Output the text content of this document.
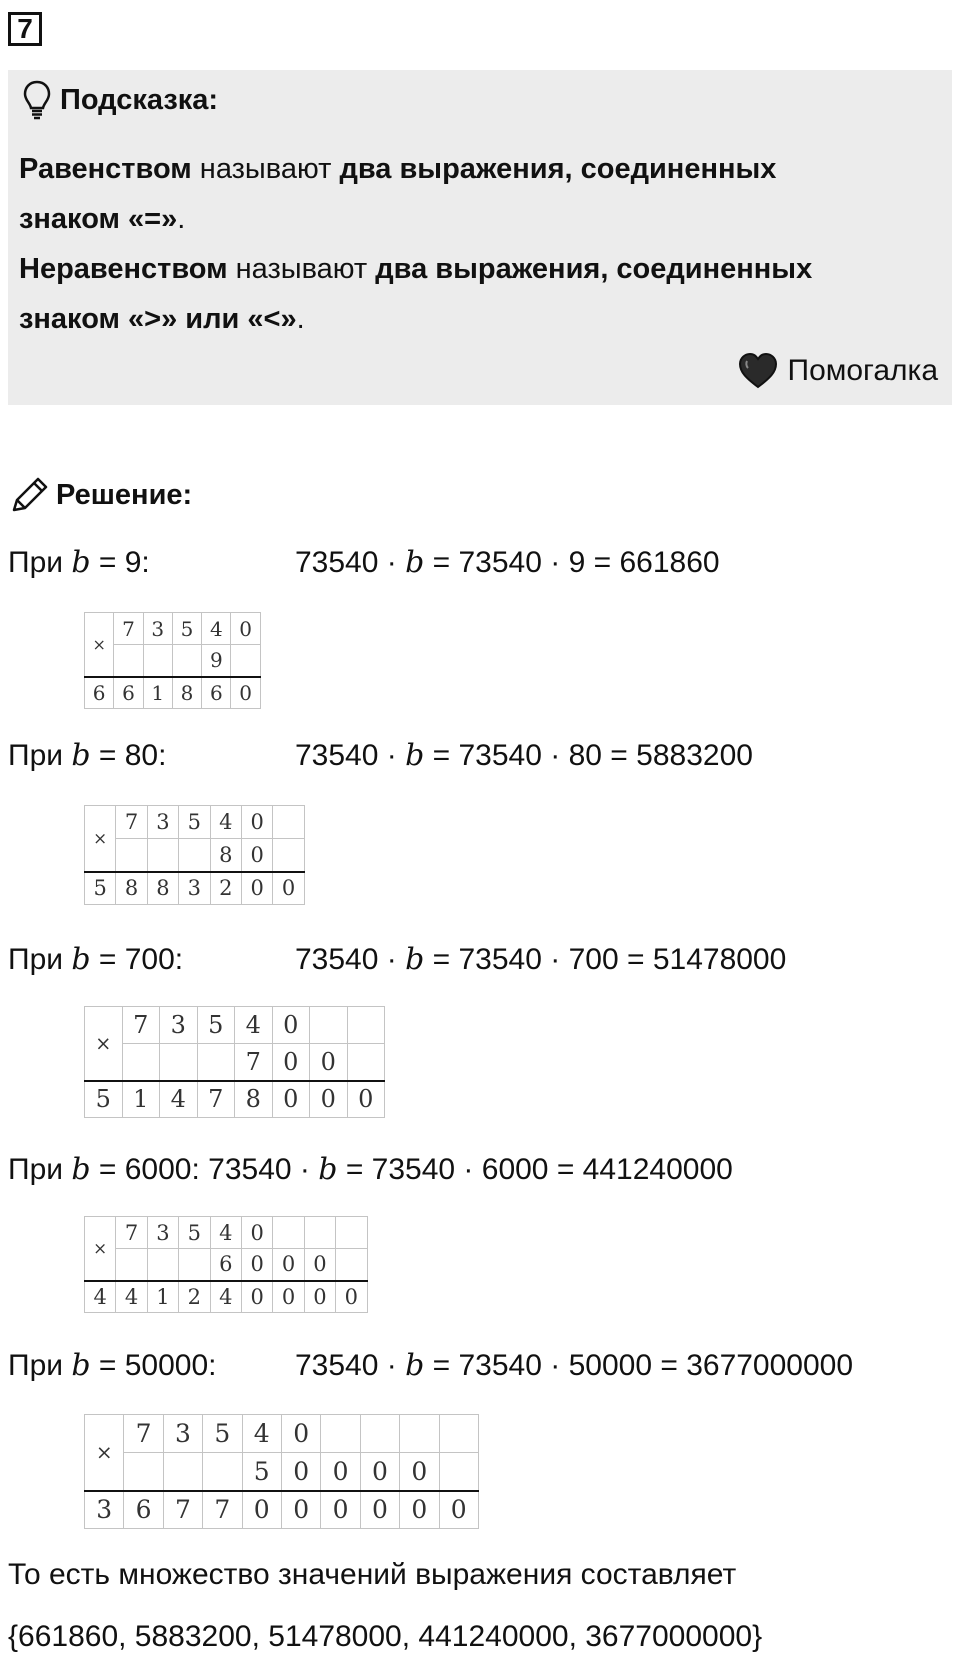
7
Подсказка:
Равенством называют два выражения, соединенных
знаком «=».
Неравенством называют два выражения, соединенных
знаком «>» или «<».
Помогалка
Решение:
При b = 9:	73540 · b = 73540 · 9 = 661860
При b = 80:	73540 · b = 73540 · 80 = 5883200
При b = 700:	73540 · b = 73540 · 700 = 51478000
При b = 6000: 73540 · b = 73540 · 6000 = 441240000
При b = 50000:	73540 · b = 73540 · 50000 = 3677000000
×	7	3	5	4	0
				9	
6	6	1	8	6	0
×	7	3	5	4	0	
				8	0	
5	8	8	3	2	0	0
×	7	3	5	4	0		
				7	0	0	
5	1	4	7	8	0	0	0
×	7	3	5	4	0			
				6	0	0	0	
4	4	1	2	4	0	0	0	0
×	7	3	5	4	0				
				5	0	0	0	0	
3	6	7	7	0	0	0	0	0	0
То есть множество значений выражения составляет
{661860, 5883200, 51478000, 441240000, 3677000000}
